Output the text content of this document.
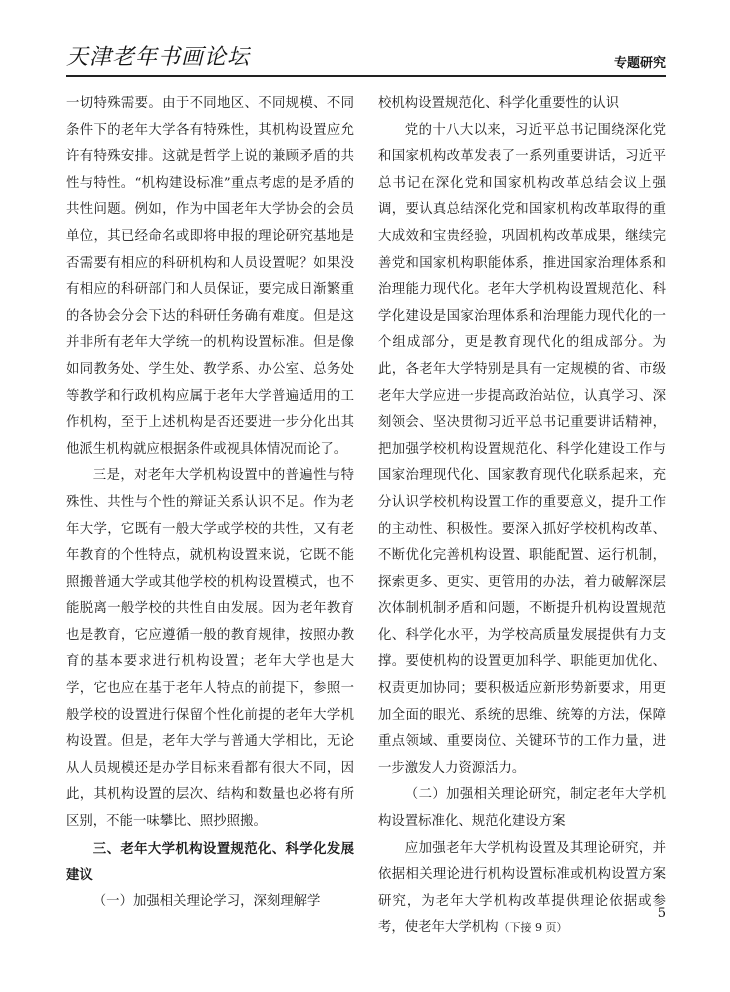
天津老年书画论坛	专题研究

一切特殊需要。由于不同地区、不同规模、不同条件下的老年大学各有特殊性，其机构设置应允许有特殊安排。这就是哲学上说的兼顾矛盾的共性与特性。“机构建设标准”重点考虑的是矛盾的共性问题。例如，作为中国老年大学协会的会员单位，其已经命名或即将申报的理论研究基地是否需要有相应的科研机构和人员设置呢？如果没有相应的科研部门和人员保证，要完成日渐繁重的各协会分会下达的科研任务确有难度。但是这并非所有老年大学统一的机构设置标准。但是像如同教务处、学生处、教学系、办公室、总务处等教学和行政机构应属于老年大学普遍适用的工作机构，至于上述机构是否还要进一步分化出其他派生机构就应根据条件或视具体情况而论了。

三是，对老年大学机构设置中的普遍性与特殊性、共性与个性的辩证关系认识不足。作为老年大学，它既有一般大学或学校的共性，又有老年教育的个性特点，就机构设置来说，它既不能照搬普通大学或其他学校的机构设置模式，也不能脱离一般学校的共性自由发展。因为老年教育也是教育，它应遵循一般的教育规律，按照办教育的基本要求进行机构设置；老年大学也是大学，它也应在基于老年人特点的前提下，参照一般学校的设置进行保留个性化前提的老年大学机构设置。但是，老年大学与普通大学相比，无论从人员规模还是办学目标来看都有很大不同，因此，其机构设置的层次、结构和数量也必将有所区别，不能一味攀比、照抄照搬。

三、老年大学机构设置规范化、科学化发展建议

（一）加强相关理论学习，深刻理解学

校机构设置规范化、科学化重要性的认识

党的十八大以来，习近平总书记围绕深化党和国家机构改革发表了一系列重要讲话，习近平总书记在深化党和国家机构改革总结会议上强调，要认真总结深化党和国家机构改革取得的重大成效和宝贵经验，巩固机构改革成果，继续完善党和国家机构职能体系，推进国家治理体系和治理能力现代化。老年大学机构设置规范化、科学化建设是国家治理体系和治理能力现代化的一个组成部分，更是教育现代化的组成部分。为此，各老年大学特别是具有一定规模的省、市级老年大学应进一步提高政治站位，认真学习、深刻领会、坚决贯彻习近平总书记重要讲话精神，把加强学校机构设置规范化、科学化建设工作与国家治理现代化、国家教育现代化联系起来，充分认识学校机构设置工作的重要意义，提升工作的主动性、积极性。要深入抓好学校机构改革、不断优化完善机构设置、职能配置、运行机制，探索更多、更实、更管用的办法，着力破解深层次体制机制矛盾和问题，不断提升机构设置规范化、科学化水平，为学校高质量发展提供有力支撑。要使机构的设置更加科学、职能更加优化、权责更加协同；要积极适应新形势新要求，用更加全面的眼光、系统的思维、统筹的方法，保障重点领域、重要岗位、关键环节的工作力量，进一步激发人力资源活力。

（二）加强相关理论研究，制定老年大学机构设置标准化、规范化建设方案

应加强老年大学机构设置及其理论研究，并依据相关理论进行机构设置标准或机构设置方案研究，为老年大学机构改革提供理论依据或参考，使老年大学机构（下接 9 页）

5
